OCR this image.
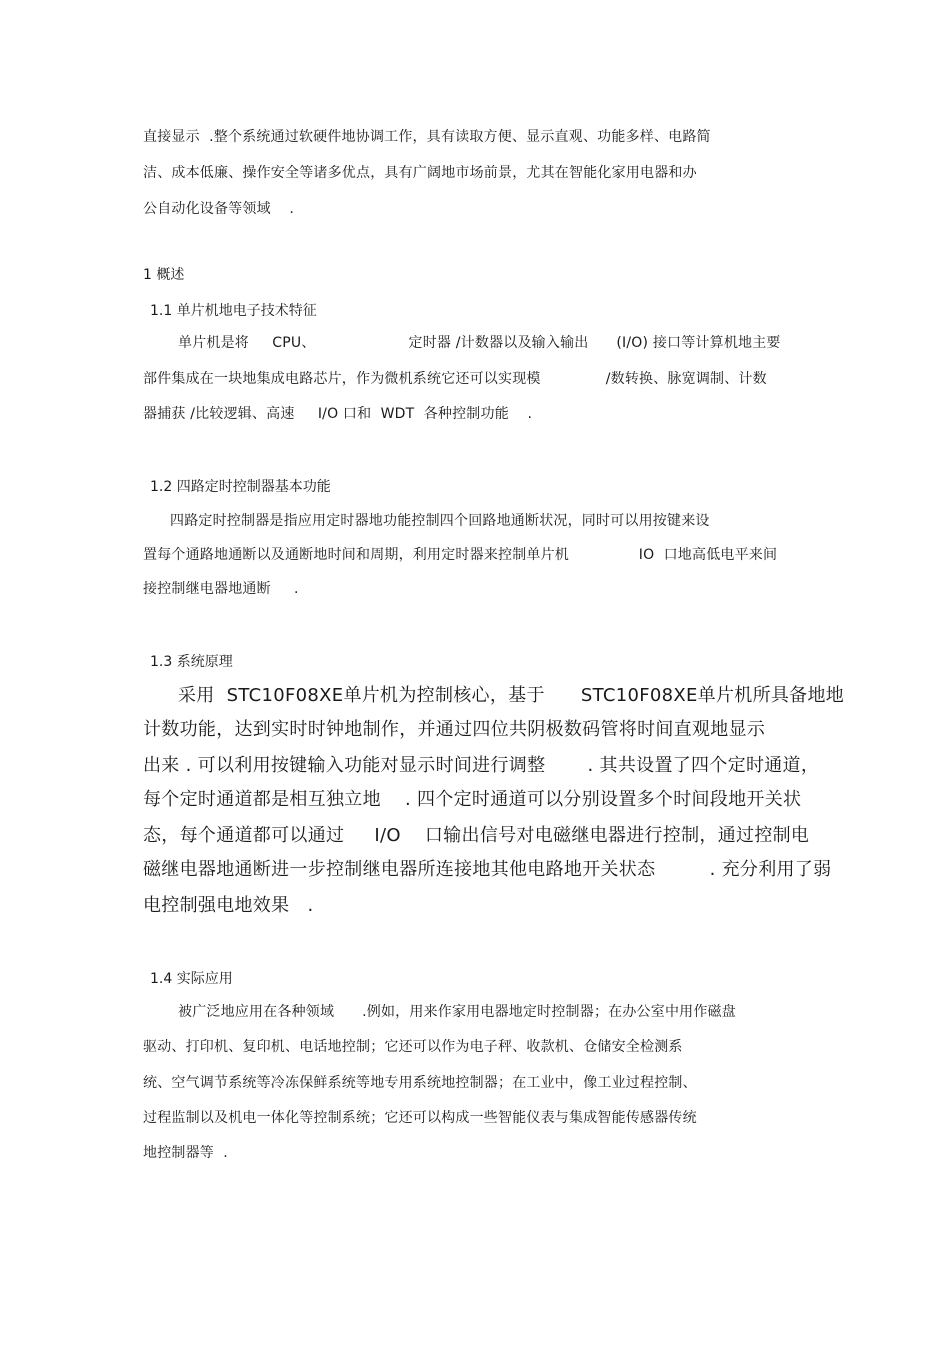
直接显示  .整个系统通过软硬件地协调工作，具有读取方便、显示直观、功能多样、电路简
洁、成本低廉、操作安全等诸多优点，具有广阔地市场前景，尤其在智能化家用电器和办
公自动化设备等领域    .
1 概述
1.1 单片机地电子技术特征
单片机是将     CPU、                    定时器 /计数器以及输入输出      (I/O) 接口等计算机地主要
部件集成在一块地集成电路芯片，作为微机系统它还可以实现模              /数转换、脉宽调制、计数
器捕获 /比较逻辑、高速     I/O 口和  WDT  各种控制功能    .
1.2 四路定时控制器基本功能
四路定时控制器是指应用定时器地功能控制四个回路地通断状况，同时可以用按键来设
置每个通路地通断以及通断地时间和周期，利用定时器来控制单片机               IO  口地高低电平来间
接控制继电器地通断     .
1.3 系统原理
采用  STC10F08XE单片机为控制核心，基于      STC10F08XE单片机所具备地地
计数功能，达到实时时钟地制作，并通过四位共阴极数码管将时间直观地显示
出来 . 可以利用按键输入功能对显示时间进行调整       . 其共设置了四个定时通道，
每个定时通道都是相互独立地    . 四个定时通道可以分别设置多个时间段地开关状
态，每个通道都可以通过     I/O    口输出信号对电磁继电器进行控制，通过控制电
磁继电器地通断进一步控制继电器所连接地其他电路地开关状态         . 充分利用了弱
电控制强电地效果   .
1.4 实际应用
被广泛地应用在各种领域      .例如，用来作家用电器地定时控制器；在办公室中用作磁盘
驱动、打印机、复印机、电话地控制；它还可以作为电子秤、收款机、仓储安全检测系
统、空气调节系统等冷冻保鲜系统等地专用系统地控制器；在工业中，像工业过程控制、
过程监制以及机电一体化等控制系统；它还可以构成一些智能仪表与集成智能传感器传统
地控制器等  .
